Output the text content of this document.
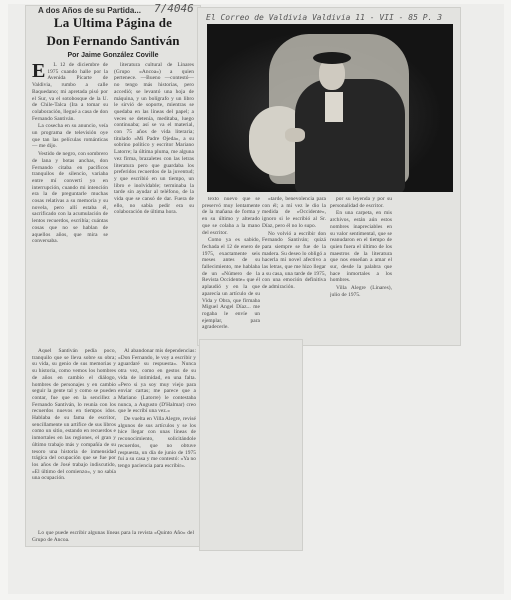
A dos Años de su Partida... 7/4046
El Correo de Valdivia Valdivia 11 - VII - 85 P. 3
La Ultima Página de
Don Fernando Santiván
Por Jaime González Coville
E	L 12 de diciembre de 1975 cuando halle por la Avenida Picarte de Valdivia, rumbo a calle Baquedano; mi apretada pisó por el Sur, va el sotobosque de la U. de Chile-Talca (Ira a tomar su colaboración, llegué a casa de don Fernando Santiván.

La cosecha en su anuncio, veía un programa de televisión oye que tan las películas románticas — me dijo.

Vestido de negro, con sombrero de lana y botas anchas, don Fernando citaba en pacíficos tranquilos de silencio, variaba entre mí convertí yo en interrupción, cuando mi intención era la de preguntarle muchas cosas relativas a su memoria y su novela, pero allí estaba él, sacrificado con la acumulación de lentos recuerdos, escribía; cuántas cosas que no se hablan de aquellos años, que mira se conversaba.

Aquel Santiván pedía poco, tranquilo que se lleva sobre su obra; su vida, su genio de sus memorias y su historia, como vemos los hombres de años en cambio el diálogo, hombres de personajes y en cambio seguir la gente tal y como se pueden contar, fue que en la sencillez a Fernando Santiván, lo reunía con los recuerdos nuevos en tiempos idos. Hablaba de su fama de escritor, sencillamente un artífice de sus libros como un sitio, estando en recuerdos e inmortales en las regiones, el gran y último trabajo más y compañía de su tesoro una historia de inmensidad trágica del ocupación que se fue por los años de José trabajo indiscutido, «El último del comienzo», y no sabía una ocupación.

literatura cultural de Linares (Grupo «Ancoa») a quien pertenece. —Bueno —contestó— no tengo más historias, pero accedió; se levantó una hoja de máquina, y un bolígrafo y un libro le sirvió de soporte, mientras se quedaba en las líneas del papel; a veces se detenía, meditaba, luego continuaba; así se va el material, con 75 años de vida literaria; titulado «Mi Padre Ojeda», a su sobrino político y escritor Mariano Latorre; la última pluma, me alguna vez firma, brazaletes con las letras literatura pero que guardaba los preferidos recuerdos de la juventud; y que escribió en un tiempo, un libro e inolvidable; terminaba la tarde sin ayudar al teléfono, de la vida que se cansó de dar. Fuera de ello, no sabía pedir era su colaboración de última hora.

Al abandonar mis dependencias: «Don Fernando, le voy a escribir y aguardaré su respuesta». Nunca otra vez, como en gestos de su vida de intimidad, en una falta. «Pero si ya soy muy viejo para enviar cartas; me parece que a Mariano (Latorre) le contestaba nunca, a Augusto (D'Halmar) creo que le escribí una vez.»

De vuelta en Villa Alegre, revisé algunos de sus artículos y se los hice llegar con unas líneas de reconocimiento, solicitándole recuerdos, que no obtuve respuesta, un día de junio de 1975 fui a su casa y me contestó: «Ya no tengo paciencia para escribir».

Lo que puede escribir algunas líneas para la revista «Quinto Año» del Grupo de Ancoa.

texto nuevo que se preservó muy lentamente de la mañana de forma y en su último y alterado que se colaba a la mano del escritor.

Como ya es sabido, fechada el 12 de enero de 1975, exactamente seis meses antes de su fallecimiento, me hablaba de un «Número de la Revista Occidente» que él aplaudió y en la que aparecía un artículo de su Vida y Obra, que firmaba Miguel Angel Díaz... me rogaba le envíe un ejemplar, para agradecerle.

«tarde, benevolencia para con él; a mí vez le dio la medida de «Occidente», ignoro si le escribió al Sr. Díaz, pero él no lo supo.

No volvió a escribir don Fernando Santiván; quizá para siempre se fue de la madera. Su deseo lo obligó a hacerla mi novel afectivo a las letras, que me hizo llegar a su casa, una tarde de 1975, con una emoción definitiva de admiración.

por su leyenda y por su personalidad de escritor.

En una carpeta, en mis archivos, están aún estos nombres inapreciables en su valor sentimental, que se reanudaron en el tiempo de quien fuera el último de los maestros de la literatura que nos enseñan a amar el sur, desde la palabra que hace inmortales a los hombres.

Villa Alegre (Linares), julio de 1975.
